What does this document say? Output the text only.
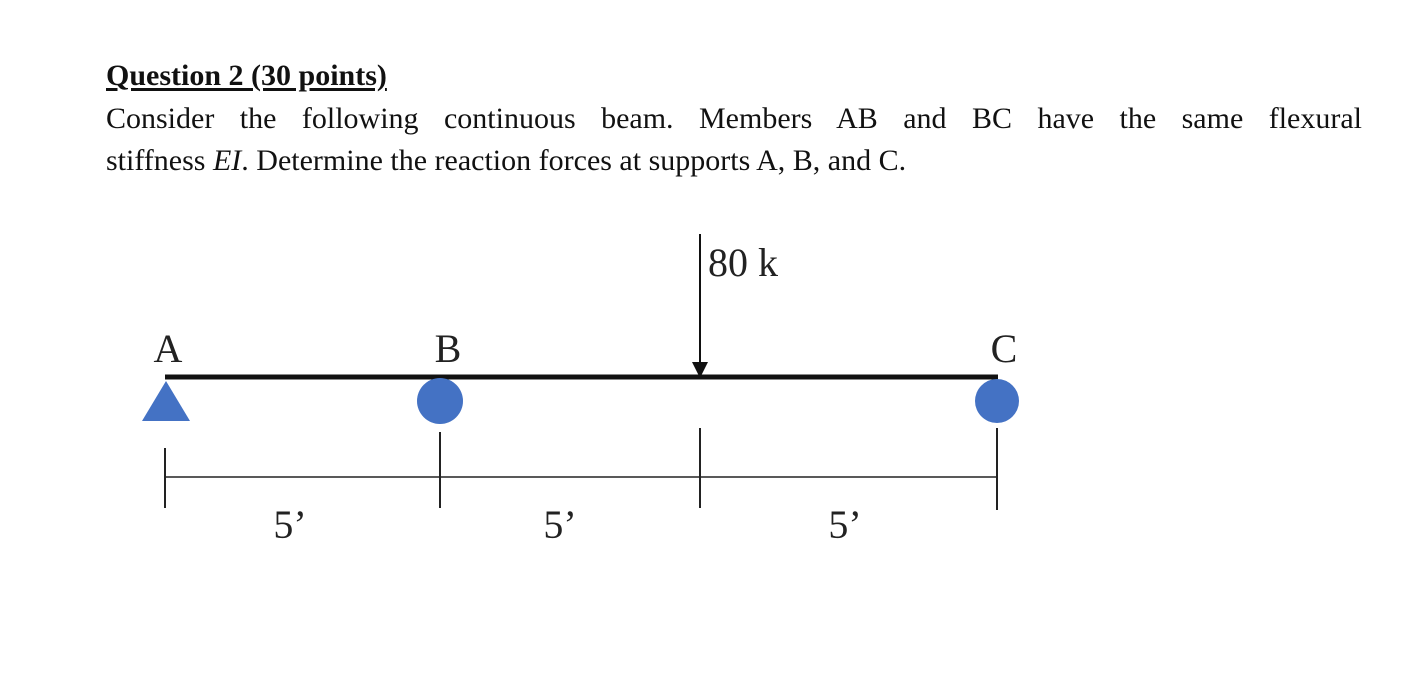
Question 2 (30 points)
Consider the following continuous beam. Members AB and BC have the same flexural
stiffness EI. Determine the reaction forces at supports A, B, and C.
80 k
A	B	C
5’	5’	5’
